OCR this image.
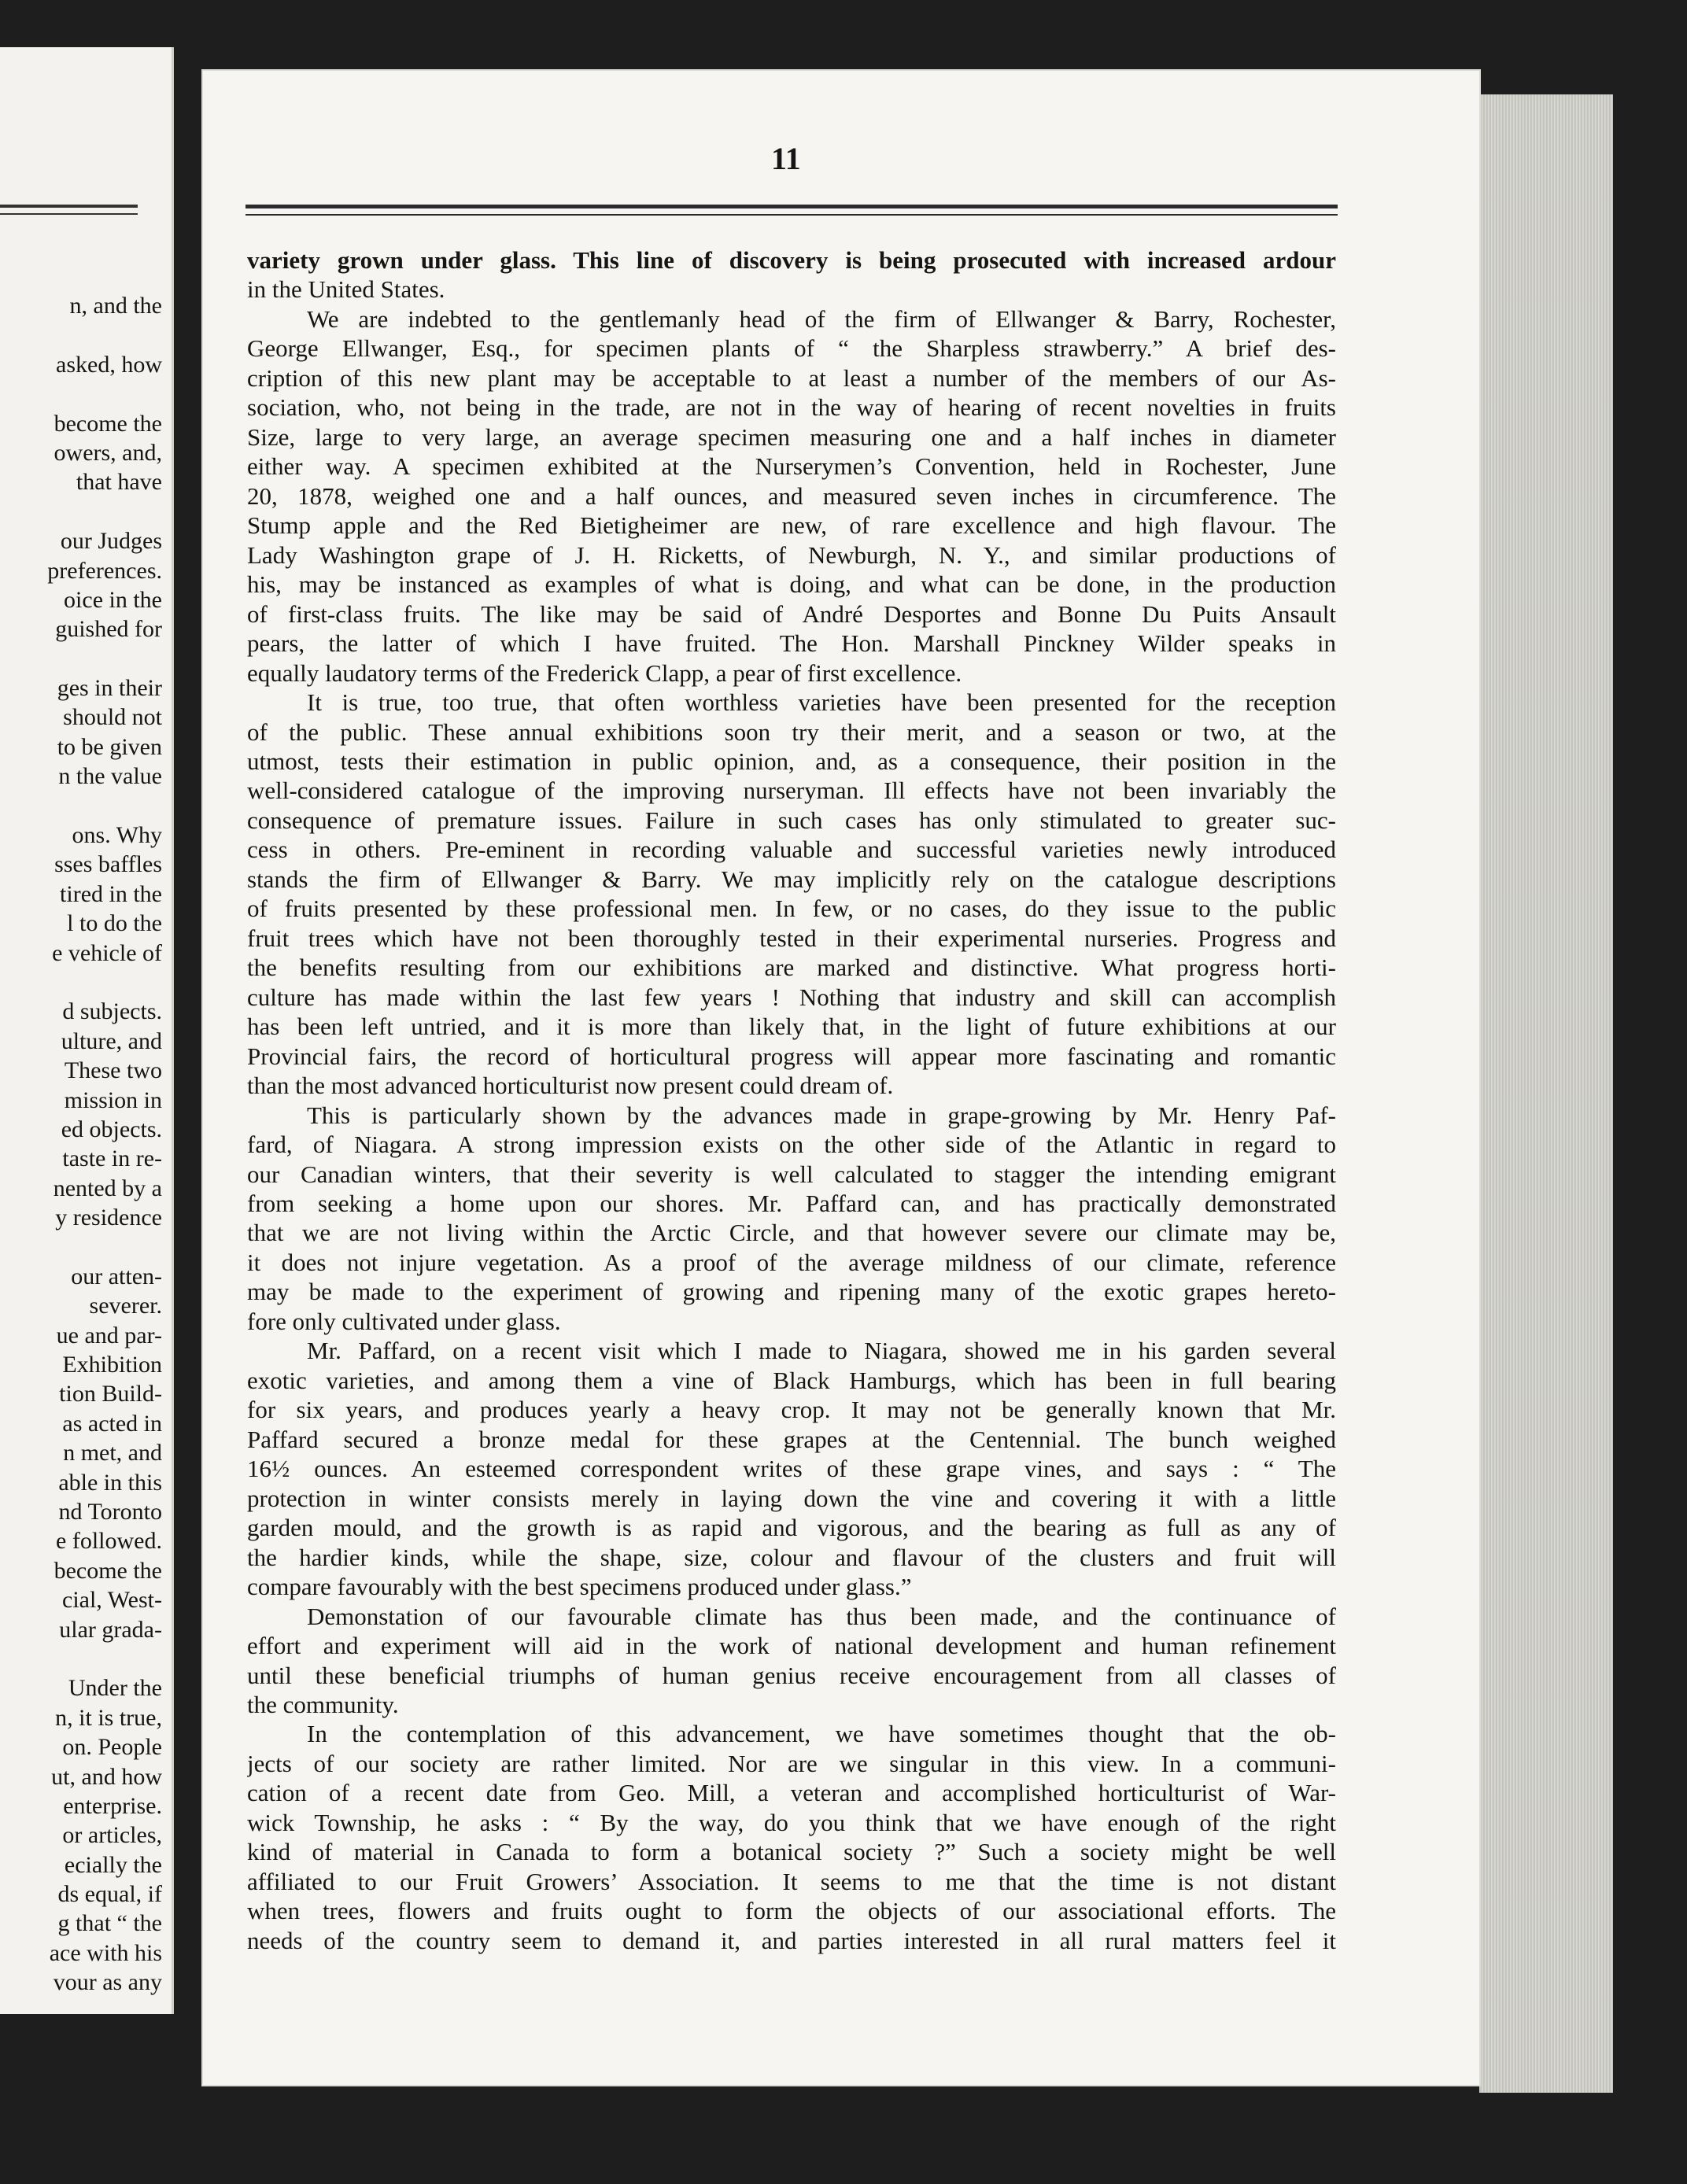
n, and the
asked, how
become the
owers, and,
that have
our Judges
preferences.
oice in the
guished for
ges in their
should not
to be given
n the value
ons. Why
sses baffles
tired in the
l to do the
e vehicle of
d subjects.
ulture, and
These two
mission in
ed objects.
taste in re-
nented by a
y residence
our atten-
severer.
ue and par-
Exhibition
tion Build-
as acted in
n met, and
able in this
nd Toronto
e followed.
become the
cial, West-
ular grada-
Under the
n, it is true,
on. People
ut, and how
enterprise.
or articles,
ecially the
ds equal, if
g that “ the
ace with his
vour as any
11
variety grown under glass. This line of discovery is being prosecuted with increased ardour
in the United States.
We are indebted to the gentlemanly head of the firm of Ellwanger & Barry, Rochester,
George Ellwanger, Esq., for specimen plants of “ the Sharpless strawberry.” A brief des-
cription of this new plant may be acceptable to at least a number of the members of our As-
sociation, who, not being in the trade, are not in the way of hearing of recent novelties in fruits
Size, large to very large, an average specimen measuring one and a half inches in diameter
either way. A specimen exhibited at the Nurserymen’s Convention, held in Rochester, June
20, 1878, weighed one and a half ounces, and measured seven inches in circumference. The
Stump apple and the Red Bietigheimer are new, of rare excellence and high flavour. The
Lady Washington grape of J. H. Ricketts, of Newburgh, N. Y., and similar productions of
his, may be instanced as examples of what is doing, and what can be done, in the production
of first-class fruits. The like may be said of André Desportes and Bonne Du Puits Ansault
pears, the latter of which I have fruited. The Hon. Marshall Pinckney Wilder speaks in
equally laudatory terms of the Frederick Clapp, a pear of first excellence.
It is true, too true, that often worthless varieties have been presented for the reception
of the public. These annual exhibitions soon try their merit, and a season or two, at the
utmost, tests their estimation in public opinion, and, as a consequence, their position in the
well-considered catalogue of the improving nurseryman. Ill effects have not been invariably the
consequence of premature issues. Failure in such cases has only stimulated to greater suc-
cess in others. Pre-eminent in recording valuable and successful varieties newly introduced
stands the firm of Ellwanger & Barry. We may implicitly rely on the catalogue descriptions
of fruits presented by these professional men. In few, or no cases, do they issue to the public
fruit trees which have not been thoroughly tested in their experimental nurseries. Progress and
the benefits resulting from our exhibitions are marked and distinctive. What progress horti-
culture has made within the last few years ! Nothing that industry and skill can accomplish
has been left untried, and it is more than likely that, in the light of future exhibitions at our
Provincial fairs, the record of horticultural progress will appear more fascinating and romantic
than the most advanced horticulturist now present could dream of.
This is particularly shown by the advances made in grape-growing by Mr. Henry Paf-
fard, of Niagara. A strong impression exists on the other side of the Atlantic in regard to
our Canadian winters, that their severity is well calculated to stagger the intending emigrant
from seeking a home upon our shores. Mr. Paffard can, and has practically demonstrated
that we are not living within the Arctic Circle, and that however severe our climate may be,
it does not injure vegetation. As a proof of the average mildness of our climate, reference
may be made to the experiment of growing and ripening many of the exotic grapes hereto-
fore only cultivated under glass.
Mr. Paffard, on a recent visit which I made to Niagara, showed me in his garden several
exotic varieties, and among them a vine of Black Hamburgs, which has been in full bearing
for six years, and produces yearly a heavy crop. It may not be generally known that Mr.
Paffard secured a bronze medal for these grapes at the Centennial. The bunch weighed
16½ ounces. An esteemed correspondent writes of these grape vines, and says : “ The
protection in winter consists merely in laying down the vine and covering it with a little
garden mould, and the growth is as rapid and vigorous, and the bearing as full as any of
the hardier kinds, while the shape, size, colour and flavour of the clusters and fruit will
compare favourably with the best specimens produced under glass.”
Demonstation of our favourable climate has thus been made, and the continuance of
effort and experiment will aid in the work of national development and human refinement
until these beneficial triumphs of human genius receive encouragement from all classes of
the community.
In the contemplation of this advancement, we have sometimes thought that the ob-
jects of our society are rather limited. Nor are we singular in this view. In a communi-
cation of a recent date from Geo. Mill, a veteran and accomplished horticulturist of War-
wick Township, he asks : “ By the way, do you think that we have enough of the right
kind of material in Canada to form a botanical society ?” Such a society might be well
affiliated to our Fruit Growers’ Association. It seems to me that the time is not distant
when trees, flowers and fruits ought to form the objects of our associational efforts. The
needs of the country seem to demand it, and parties interested in all rural matters feel it
